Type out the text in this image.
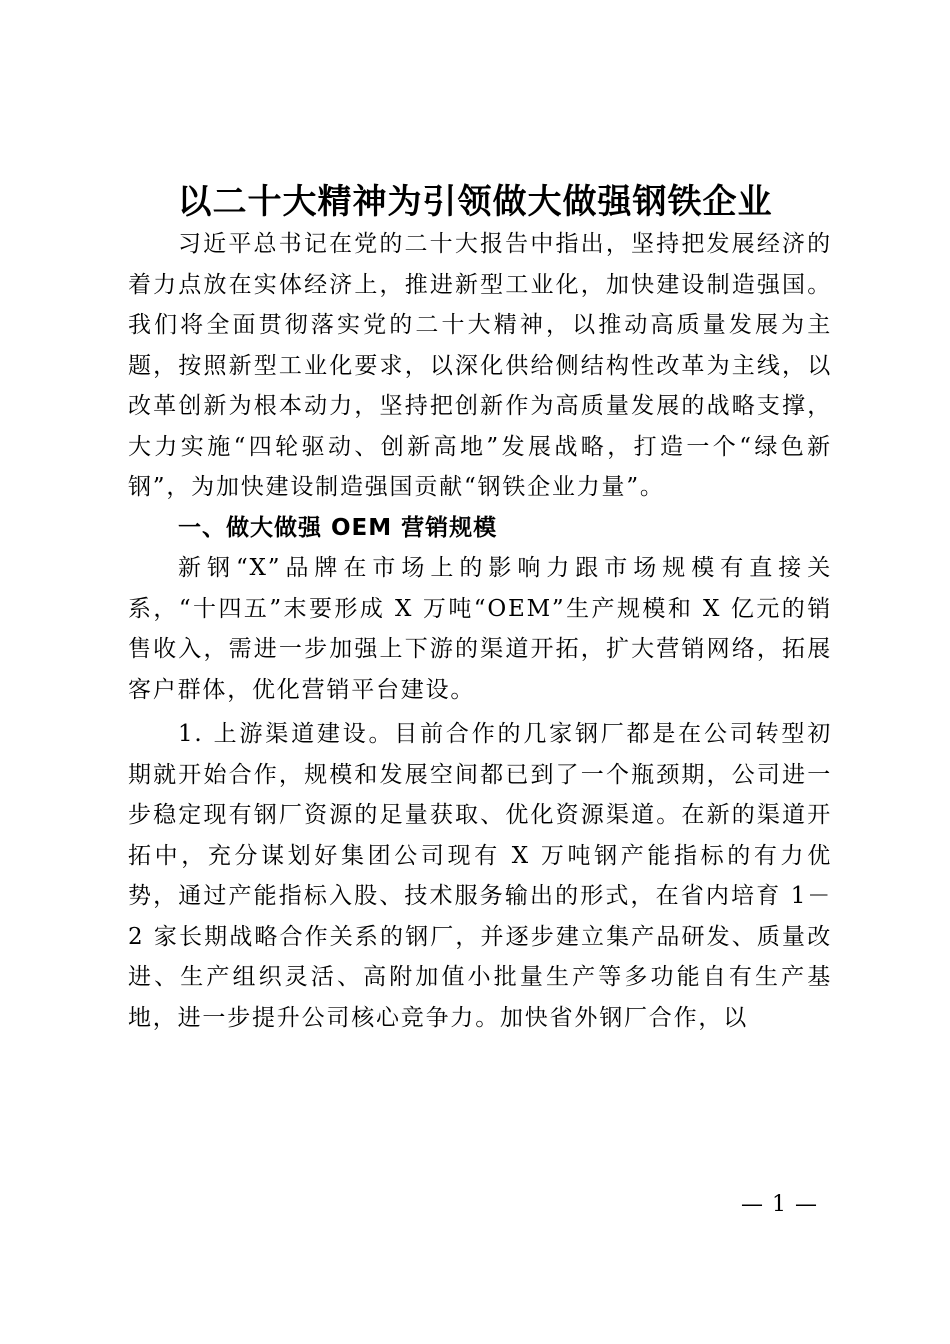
以二十大精神为引领做大做强钢铁企业

习近平总书记在党的二十大报告中指出，坚持把发展经济的着力点放在实体经济上，推进新型工业化，加快建设制造强国。我们将全面贯彻落实党的二十大精神，以推动高质量发展为主题，按照新型工业化要求，以深化供给侧结构性改革为主线，以改革创新为根本动力，坚持把创新作为高质量发展的战略支撑，大力实施“四轮驱动、创新高地”发展战略，打造一个“绿色新钢”，为加快建设制造强国贡献“钢铁企业力量”。

一、做大做强 OEM 营销规模

新钢“X”品牌在市场上的影响力跟市场规模有直接关系，“十四五”末要形成 X 万吨“OEM”生产规模和 X 亿元的销售收入，需进一步加强上下游的渠道开拓，扩大营销网络，拓展客户群体，优化营销平台建设。

1. 上游渠道建设。目前合作的几家钢厂都是在公司转型初期就开始合作，规模和发展空间都已到了一个瓶颈期，公司进一步稳定现有钢厂资源的足量获取、优化资源渠道。在新的渠道开拓中，充分谋划好集团公司现有 X 万吨钢产能指标的有力优势，通过产能指标入股、技术服务输出的形式，在省内培育 1－2 家长期战略合作关系的钢厂，并逐步建立集产品研发、质量改进、生产组织灵活、高附加值小批量生产等多功能自有生产基地，进一步提升公司核心竞争力。加快省外钢厂合作，以

— 1 —
